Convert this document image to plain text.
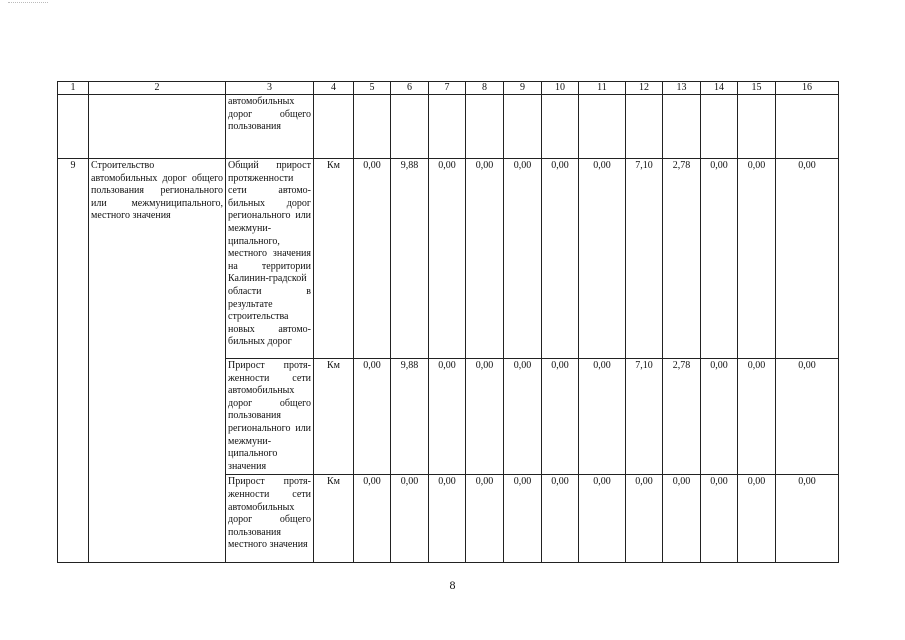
1	2	3	4	5	6	7	8	9	10	11	12	13	14	15	16
		автомобильных дорог общего пользования													
9	Строительство автомобильных дорог общего пользования регионального или межмуниципального, местного значения	Общий прирост протяженности сети автомо-бильных дорог регионального или межмуни-ципального, местного значения на территории Калинин-градской области в результате строительства новых автомо-бильных дорог	Км	0,00	9,88	0,00	0,00	0,00	0,00	0,00	7,10	2,78	0,00	0,00	0,00
		Прирост протя-женности сети автомобильных дорог общего пользования регионального или межмуни-ципального значения	Км	0,00	9,88	0,00	0,00	0,00	0,00	0,00	7,10	2,78	0,00	0,00	0,00
		Прирост протя-женности сети автомобильных дорог общего пользования местного значения	Км	0,00	0,00	0,00	0,00	0,00	0,00	0,00	0,00	0,00	0,00	0,00	0,00
8
